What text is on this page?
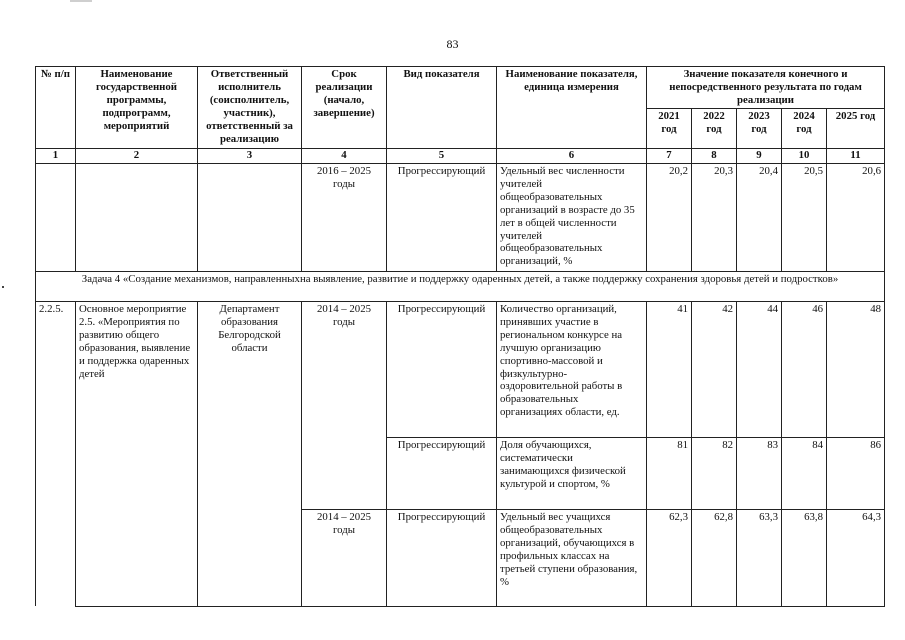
83
№ п/п	Наименование государственной программы, подпрограмм, мероприятий	Ответственный исполнитель (соисполнитель, участник), ответственный за реализацию	Срок реализации (начало, завершение)	Вид показателя	Наименование показателя, единица измерения	Значение показателя конечного и непосредственного результата по годам реализации				
						2021 год	2022 год	2023 год	2024 год	2025 год
1	2	3	4	5	6	7	8	9	10	11
			2016 – 2025 годы	Прогрессирующий	Удельный вес численности учителей общеобразовательных организаций в возрасте до 35 лет в общей численности учителей общеобразовательных организаций, %	20,2	20,3	20,4	20,5	20,6
Задача 4 «Создание механизмов, направленныхна выявление, развитие и поддержку одаренных детей, а также поддержку сохранения здоровья детей и подростков»										
2.2.5.	Основное мероприятие 2.5. «Мероприятия по развитию общего образования, выявление и поддержка одаренных детей	Департамент образования Белгородской области	2014 – 2025 годы	Прогрессирующий	Количество организаций, принявших участие в региональном конкурсе на лучшую организацию спортивно-массовой и физкультурно-оздоровительной работы в образовательных организациях области, ед.	41	42	44	46	48
				Прогрессирующий	Доля обучающихся, систематически занимающихся физической культурой и спортом, %	81	82	83	84	86
			2014 – 2025 годы	Прогрессирующий	Удельный вес учащихся общеобразовательных организаций, обучающихся в профильных классах на третьей ступени образования, %	62,3	62,8	63,3	63,8	64,3
